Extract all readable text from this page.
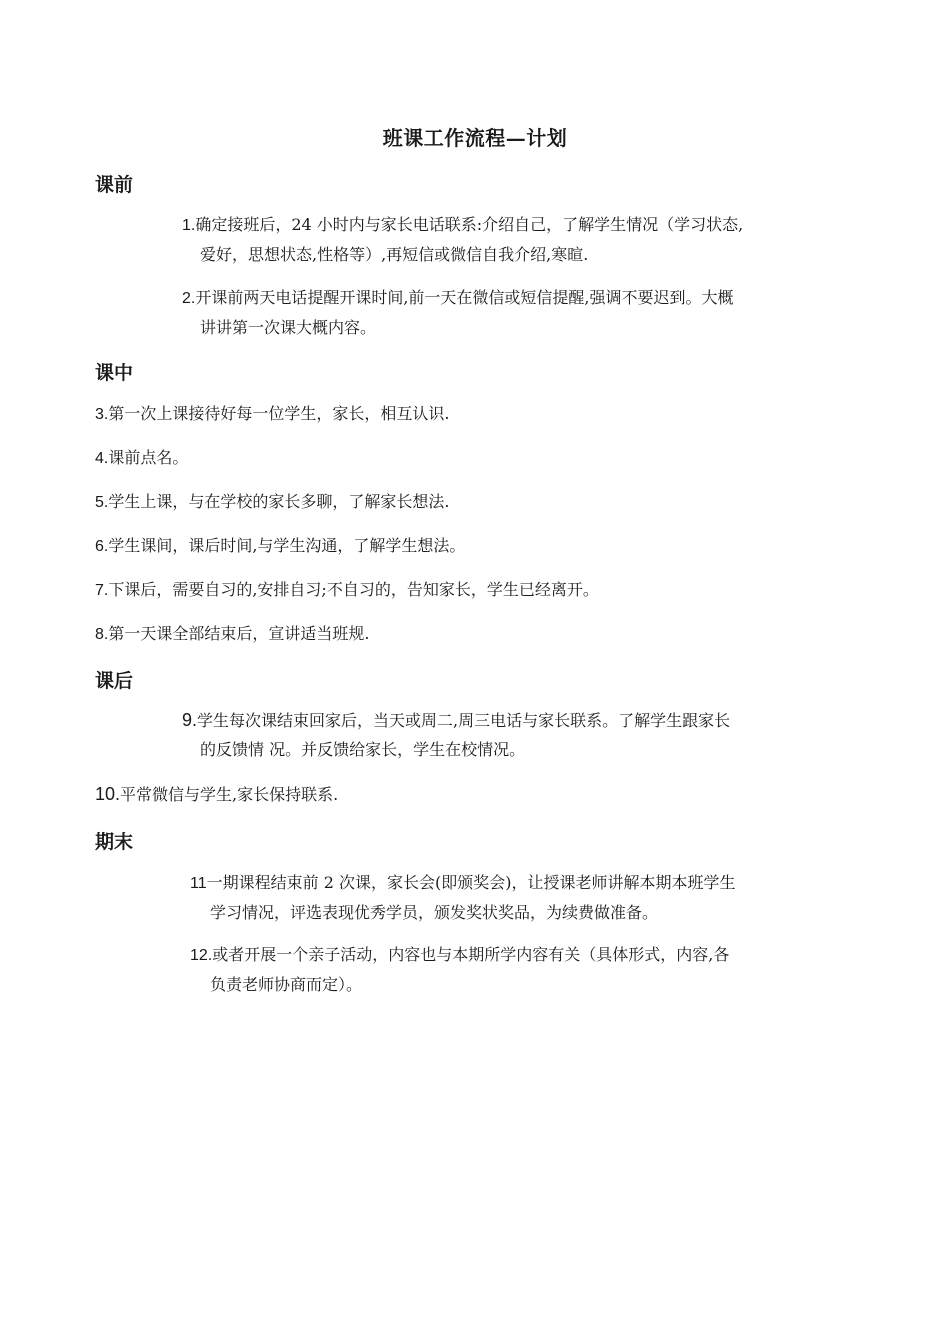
班课工作流程—计划
课前
1.确定接班后，24 小时内与家长电话联系:介绍自己，了解学生情况（学习状态,
爱好，思想状态,性格等）,再短信或微信自我介绍,寒暄.
2.开课前两天电话提醒开课时间,前一天在微信或短信提醒,强调不要迟到。大概
讲讲第一次课大概内容。
课中
3.第一次上课接待好每一位学生，家长，相互认识.
4.课前点名。
5.学生上课，与在学校的家长多聊，了解家长想法.
6.学生课间，课后时间,与学生沟通，了解学生想法。
7.下课后，需要自习的,安排自习;不自习的，告知家长，学生已经离开。
8.第一天课全部结束后，宣讲适当班规.
课后
9.学生每次课结束回家后，当天或周二,周三电话与家长联系。了解学生跟家长
的反馈情 况。并反馈给家长，学生在校情况。
10.平常微信与学生,家长保持联系.
期末
11一期课程结束前 2 次课，家长会(即颁奖会)，让授课老师讲解本期本班学生
学习情况，评选表现优秀学员，颁发奖状奖品，为续费做准备。
12.或者开展一个亲子活动，内容也与本期所学内容有关（具体形式，内容,各
负责老师协商而定）。
